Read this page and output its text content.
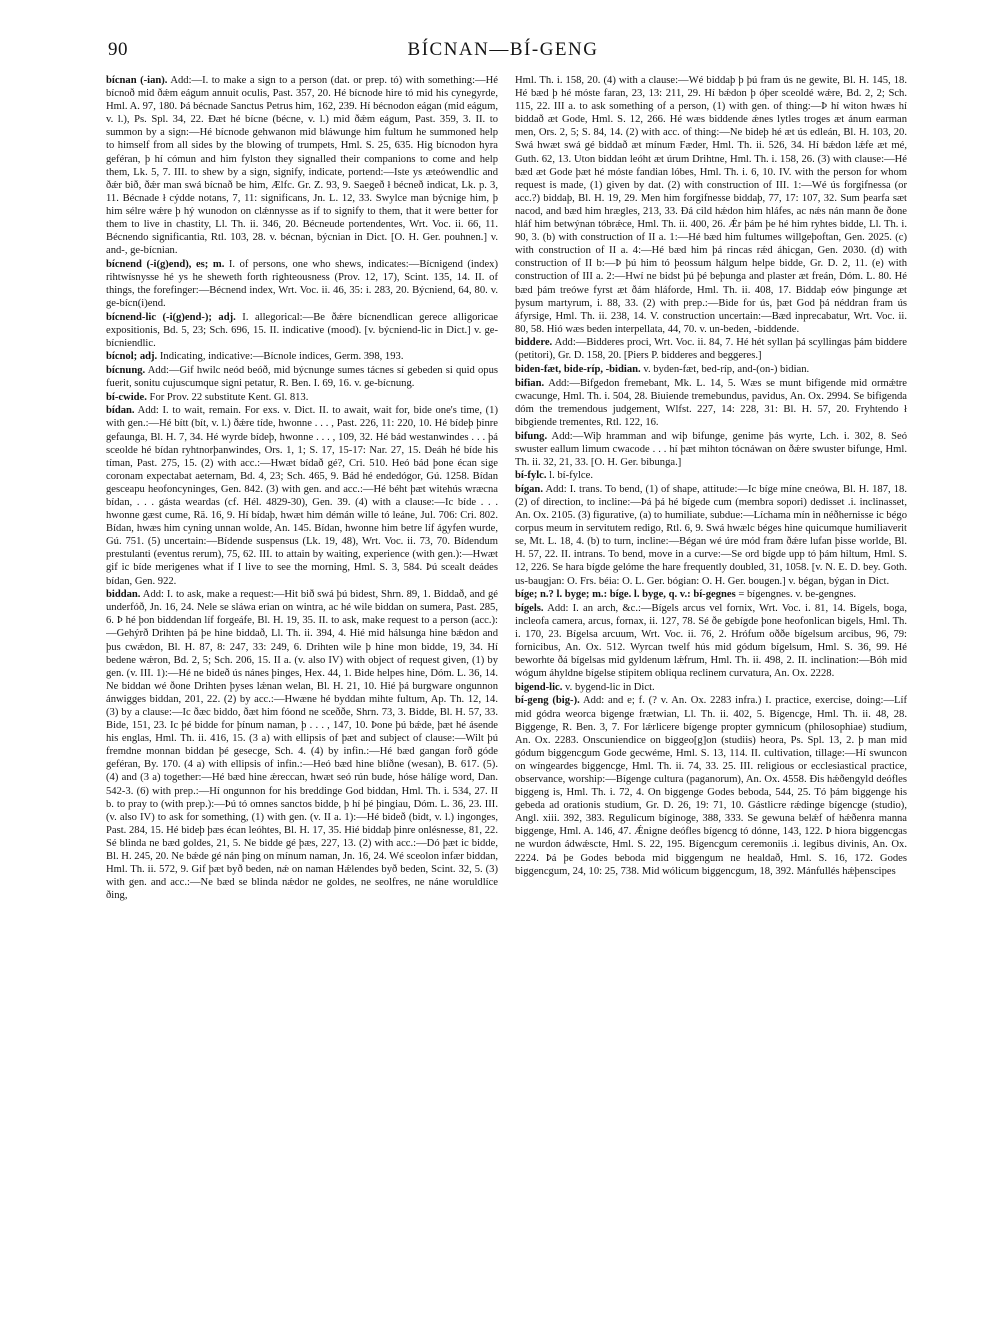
90	BÍCNAN—BÍ-GENG

bícnan (-ian). Add:—I. to make a sign to a person (dat. or prep. tó) with something:—Hé bícnoð mid ðǽm eágum annuit oculis, Past. 357, 20. Hé bícnode hire tó mid his cynegyrde, Hml. A. 97, 180. Þá bécnade Sanctus Petrus him, 162, 239. Hí bécnodon eágan (mid eágum, v. l.), Ps. Spl. 34, 22. Ðæt hé bícne (bécne, v. l.) mid ðǽm eágum, Past. 359, 3. II. to summon by a sign:—Hé bícnode gehwanon mid bláwunge him fultum he summoned help to himself from all sides by the blowing of trumpets, Hml. S. 25, 635. Hig bícnodon hyra geféran, þ hí cómun and him fylston they signalled their companions to come and help them, Lk. 5, 7. III. to shew by a sign, signify, indicate, portend:—Iste ys æteówendlic and ðǽr bið, ðǽr man swá bícnað be him, Ælfc. Gr. Z. 93, 9. Saegeð ł bécneð indicat, Lk. p. 3, 11. Bécnade ł cýdde notans, 7, 11: significans, Jn. L. 12, 33. Swylce man býcnige him, þ him sélre wǽre þ hý wunodon on clǽnnysse as if to signify to them, that it were better for them to live in chastity, Ll. Th. ii. 346, 20. Bécneude portendentes, Wrt. Voc. ii. 66, 11. Bécnendo significantia, Rtl. 103, 28. v. bécnan, býcnian in Dict. [O. H. Ger. pouhnen.] v. and-, ge-bícnian.

bícnend (-i(g)end), es; m. I. of persons, one who shews, indicates:—Bícnigend (index) rihtwísnysse hé ys he sheweth forth righteousness (Prov. 12, 17), Scint. 135, 14. II. of things, the forefinger:—Bécnend index, Wrt. Voc. ii. 46, 35: i. 283, 20. Býcniend, 64, 80. v. ge-bícn(i)end.

bícnend-lic (-i(g)end-); adj. I. allegorical:—Be ðǽre bícnendlican gerece alligoricae expositionis, Bd. 5, 23; Sch. 696, 15. II. indicative (mood). [v. býcniend-lic in Dict.] v. ge-bícniendlic.

bícnol; adj. Indicating, indicative:—Bícnole indices, Germ. 398, 193.

bícnung. Add:—Gif hwilc neód beóð, mid býcnunge sumes tácnes sí gebeden si quid opus fuerit, sonitu cujuscumque signi petatur, R. Ben. I. 69, 16. v. ge-bícnung.

bí-cwide. For Prov. 22 substitute Kent. Gl. 813.

bídan. Add: I. to wait, remain. For exs. v. Dict. II. to await, wait for, bide one's time, (1) with gen.:—Hé bítt (bít, v. l.) ðǽre tíde, hwonne . . . , Past. 226, 11: 220, 10. Hé bídeþ þinre gefaunga, Bl. H. 7, 34. Hé wyrde bídeþ, hwonne . . . , 109, 32. Hé bád westanwindes . . . þá sceolde hé bídan ryhtnorþanwindes, Ors. 1, 1; S. 17, 15-17: Nar. 27, 15. Deáh hé bíde his tíman, Past. 275, 15. (2) with acc.:—Hwæt bídað gé?, Cri. 510. Heó bád þone écan sige coronam expectabat aeternam, Bd. 4, 23; Sch. 465, 9. Bád hé endedógor, Gú. 1258. Bídan gesceapu heofoncyninges, Gen. 842. (3) with gen. and acc.:—Hé béht þæt witehús wræcna bídan, . . . gásta weardas (cf. Hél. 4829-30), Gen. 39. (4) with a clause:—Ic bíde . . . hwonne gæst cume, Rä. 16, 9. Hí bídaþ, hwæt him démán wille tó leáne, Jul. 706: Cri. 802. Bídan, hwæs him cyning unnan wolde, An. 145. Bídan, hwonne him betre líf ágyfen wurde, Gú. 751. (5) uncertain:—Bídende suspensus (Lk. 19, 48), Wrt. Voc. ii. 73, 70. Bídendum prestulanti (eventus rerum), 75, 62. III. to attain by waiting, experience (with gen.):—Hwæt gif ic bíde merigenes what if I live to see the morning, Hml. S. 3, 584. Þú scealt deádes bídan, Gen. 922.

biddan. Add: I. to ask, make a request:—Hit bið swá þú bidest, Shrn. 89, 1. Biddað, and gé underfóð, Jn. 16, 24. Nele se sláwa erian on wintra, ac hé wile biddan on sumera, Past. 285, 6. Þ hé þon biddendan líf forgeáfe, Bl. H. 19, 35. II. to ask, make request to a person (acc.):—Gehýrð Drihten þá þe hine biddað, Ll. Th. ii. 394, 4. Hié mid hálsunga hine bǽdon and þus cwǽdon, Bl. H. 87, 8: 247, 33: 249, 6. Drihten wile þ hine mon bidde, 19, 34. Hí bedene wǽron, Bd. 2, 5; Sch. 206, 15. II a. (v. also IV) with object of request given, (1) by gen. (v. III. 1):—Hé ne bideð ús nánes þinges, Hex. 44, 1. Bide helpes hine, Dóm. L. 36, 14. Ne biddan wé ðone Drihten þyses lǽnan welan, Bl. H. 21, 10. Hié þá burgware ongunnon ánwigges biddan, 201, 22. (2) by acc.:—Hwæne hé byddan mihte fultum, Ap. Th. 12, 14. (3) by a clause:—Ic ðæc biddo, ðæt him fóond ne sceððe, Shrn. 73, 3. Bidde, Bl. H. 57, 33. Bide, 151, 23. Ic þé bidde for þínum naman, þ . . . , 147, 10. Þone þú bǽde, þæt hé ásende his englas, Hml. Th. ii. 416, 15. (3 a) with ellipsis of þæt and subject of clause:—Wilt þú fremdne monnan biddan þé gesecge, Sch. 4. (4) by infin.:—Hé bæd gangan forð góde geféran, By. 170. (4 a) with ellipsis of infin.:—Heó bæd hine blíðne (wesan), B. 617. (5). (4) and (3 a) together:—Hé bæd hine ǽreccan, hwæt seó rún bude, hóse hálíge word, Dan. 542-3. (6) with prep.:—Hí ongunnon for his breddinge God biddan, Hml. Th. i. 534, 27. II b. to pray to (with prep.):—Þú tó omnes sanctos bidde, þ hí þé þingiau, Dóm. L. 36, 23. III. (v. also IV) to ask for something, (1) with gen. (v. II a. 1):—Hé bideð (bidt, v. l.) ingonges, Past. 284, 15. Hé bideþ þæs écan leóhtes, Bl. H. 17, 35. Hié biddaþ þinre onlésnesse, 81, 22. Sé blinda ne bæd goldes, 21, 5. Ne bidde gé þæs, 227, 13. (2) with acc.:—Dó þæt ic bidde, Bl. H. 245, 20. Ne bǽde gé nán þing on mínum naman, Jn. 16, 24. Wé sceolon infær biddan, Hml. Th. ii. 572, 9. Gif þæt byð beden, nǽ on naman Hǽlendes byð beden, Scint. 32, 5. (3) with gen. and acc.:—Ne bæd se blinda nǽdor ne goldes, ne seolfres, ne náne woruldlíce ðing,

Hml. Th. i. 158, 20. (4) with a clause:—Wé biddaþ þ þú fram ús ne gewite, Bl. H. 145, 18. Hé bæd þ hé móste faran, 23, 13: 211, 29. Hí bǽdon þ óþer sceoldé wǽre, Bd. 2, 2; Sch. 115, 22. III a. to ask something of a person, (1) with gen. of thing:—Þ hí witon hwæs hí biddað æt Gode, Hml. S. 12, 266. Hé wæs biddende ǽnes lytles troges æt ánum earman men, Ors. 2, 5; S. 84, 14. (2) with acc. of thing:—Ne bideþ hé æt ús edleán, Bl. H. 103, 20. Swá hwæt swá gé biddað æt mínum Fæder, Hml. Th. ii. 526, 34. Hí bǽdon lǽfe æt mé, Guth. 62, 13. Uton biddan leóht æt úrum Drihtne, Hml. Th. i. 158, 26. (3) with clause:—Hé bæd æt Gode þæt hé móste fandian lóbes, Hml. Th. i. 6, 10. IV. with the person for whom request is made, (1) given by dat. (2) with construction of III. 1:—Wé ús forgifnessa (or acc.?) biddaþ, Bl. H. 19, 29. Men him forgifnesse biddaþ, 77, 17: 107, 32. Sum þearfa sæt nacod, and bæd him hrægles, 213, 33. Ðá cild hǽdon him hláfes, ac nǽs nán mann ðe ðone hláf him betwýnan tóbrǽce, Hml. Th. ii. 400, 26. Ǽr þám þe hé him ryhtes bidde, Ll. Th. i. 90, 3. (b) with construction of II a. 1:—Hé bæd him fultumes willgeþoftan, Gen. 2025. (c) with construction of II a. 4:—Hé bæd him þá rincas rǽd áhicgan, Gen. 2030. (d) with construction of II b:—Þ þú him tó þeossum hálgum helpe bidde, Gr. D. 2, 11. (e) with construction of III a. 2:—Hwí ne bidst þú þé beþunga and plaster æt freán, Dóm. L. 80. Hé bæd þám treówe fyrst æt ðám hláforde, Hml. Th. ii. 408, 17. Biddaþ eów þingunge æt þysum martyrum, i. 88, 33. (2) with prep.:—Bide for ús, þæt God þá néddran fram ús áfyrsige, Hml. Th. ii. 238, 14. V. construction uncertain:—Bæd inprecabatur, Wrt. Voc. ii. 80, 58. Hió wæs beden interpellata, 44, 70. v. un-beden, -biddende.

biddere. Add:—Bidderes proci, Wrt. Voc. ii. 84, 7. Hé hét syllan þá scyllingas þám biddere (petitori), Gr. D. 158, 20. [Piers P. bidderes and beggeres.]

biden-fæt, bide-ríp, -bidian. v. byden-fæt, bed-ríp, and-(on-) bidian.

bifian. Add:—Bifgedon fremebant, Mk. L. 14, 5. Wæs se munt bifigende mid ormǽtre cwacunge, Hml. Th. i. 504, 28. Biuiende tremebundus, pavidus, An. Ox. 2994. Se bifigenda dóm the tremendous judgement, Wlfst. 227, 14: 228, 31: Bl. H. 57, 20. Fryhtendo ł bibgiende trementes, Rtl. 122, 16.

bifung. Add:—Wiþ hramman and wiþ bifunge, genime þás wyrte, Lch. i. 302, 8. Seó swuster eallum limum cwacode . . . hí þæt mihton tócnáwan on ðǽre swuster bifunge, Hml. Th. ii. 32, 21, 33. [O. H. Ger. bibunga.]

bí-fylc. l. bí-fylce.

bígan. Add: I. trans. To bend, (1) of shape, attitude:—Ic bíge míne cneówa, Bl. H. 187, 18. (2) of direction, to incline:—Þá þá hé bígede cum (membra sopori) dedisset .i. inclinasset, An. Ox. 2105. (3) figurative, (a) to humiliate, subdue:—Líchama mín in néðhernisse ic bégo corpus meum in servitutem redigo, Rtl. 6, 9. Swá hwælc béges hine quicumque humiliaverit se, Mt. L. 18, 4. (b) to turn, incline:—Bégan wé úre mód fram ðǽre lufan þisse worlde, Bl. H. 57, 22. II. intrans. To bend, move in a curve:—Se ord bígde upp tó þám hiltum, Hml. S. 12, 226. Se hara bígde gelóme the hare frequently doubled, 31, 1058. [v. N. E. D. bey. Goth. us-baugjan: O. Frs. béia: O. L. Ger. bógian: O. H. Ger. bougen.] v. bégan, býgan in Dict.

bíge; n.? l. byge; m.: bíge. l. byge, q. v.: bí-gegnes = bígengnes. v. be-gengnes.

bígels. Add: I. an arch, &c.:—Bígels arcus vel fornix, Wrt. Voc. i. 81, 14. Bígels, boga, incleofa camera, arcus, fornax, ii. 127, 78. Sé ðe gebígde þone heofonlican bigels, Hml. Th. i. 170, 23. Bígelsa arcuum, Wrt. Voc. ii. 76, 2. Hrófum oððe bígelsum arcibus, 96, 79: fornicibus, An. Ox. 512. Wyrcan twelf hús mid gódum bígelsum, Hml. S. 36, 99. Hé beworhte ðá bígelsas mid gyldenum lǽfrum, Hml. Th. ii. 498, 2. II. inclination:—Bóh mid wógum áhyldne bígelse stipitem obliqua reclinem curvatura, An. Ox. 2228.

bigend-lic. v. bygend-lic in Dict.

bí-geng (big-). Add: and e; f. (? v. An. Ox. 2283 infra.) I. practice, exercise, doing:—Líf mid gódra weorca bigenge frætwian, Ll. Th. ii. 402, 5. Bígencge, Hml. Th. ii. 48, 28. Biggenge, R. Ben. 3, 7. For lǽrlicere bígenge propter gymnicum (philosophiae) studium, An. Ox. 2283. Onscuniendice on biggeo[g]on (studiis) heora, Ps. Spl. 13, 2. þ man mid gódum biggencgum Gode gecwéme, Hml. S. 13, 114. II. cultivation, tillage:—Hí swuncon on wíngeardes biggencge, Hml. Th. ii. 74, 33. 25. III. religious or ecclesiastical practice, observance, worship:—Bígenge cultura (paganorum), An. Ox. 4558. Ðis hǽðengyld deófles biggeng is, Hml. Th. i. 72, 4. On biggenge Godes beboda, 544, 25. Tó þám biggenge his gebeda ad orationis studium, Gr. D. 26, 19: 71, 10. Gástlicre rǽdinge bígencge (studio), Angl. xiii. 392, 383. Regulicum bíginoge, 388, 333. Se gewuna belǽf of hǽðenra manna biggenge, Hml. A. 146, 47. Ǽnigne deófles bígencg tó dónne, 143, 122. Þ hiora biggencgas ne wurdon ádwǽscte, Hml. S. 22, 195. Bígencgum ceremoniis .i. legibus divinis, An. Ox. 2224. Þá þe Godes beboda mid biggengum ne healdað, Hml. S. 16, 172. Godes biggencgum, 24, 10: 25, 738. Mid wólicum biggencgum, 18, 392. Mánfullés hǽþenscipes
